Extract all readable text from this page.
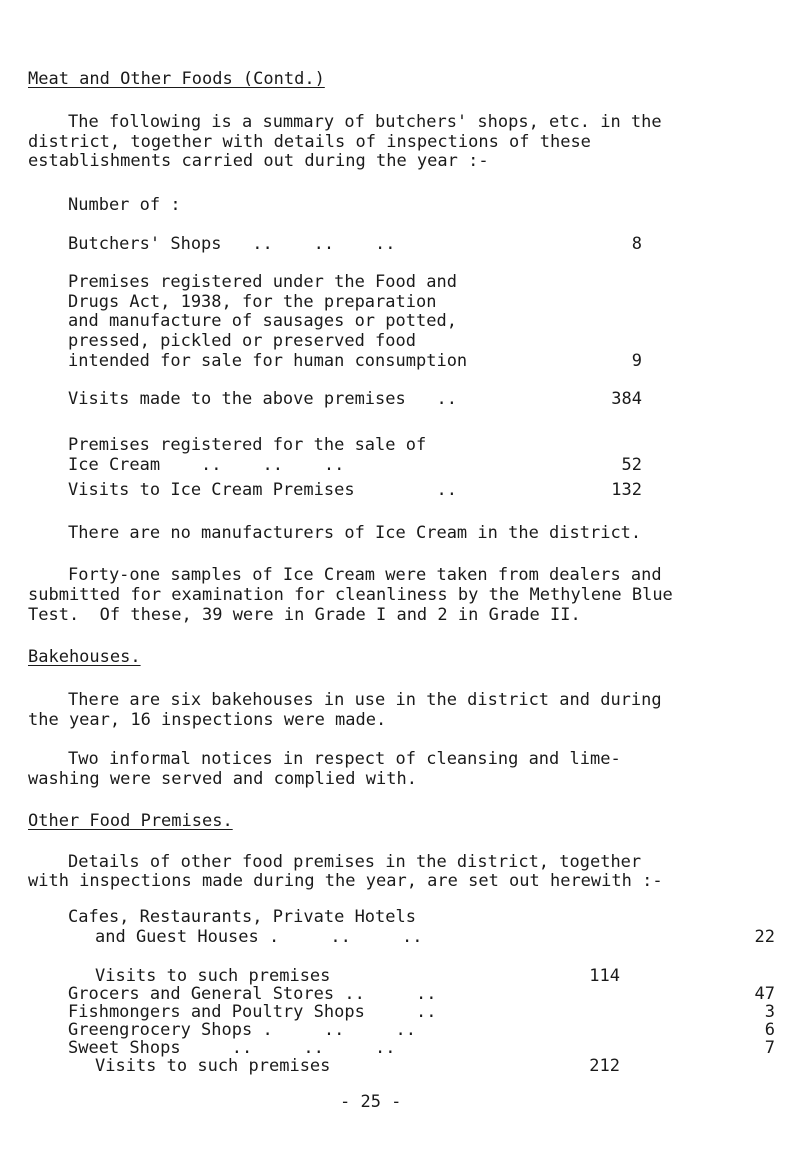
Meat and Other Foods (Contd.)
The following is a summary of butchers' shops, etc. in the
district, together with details of inspections of these
establishments carried out during the year :-
Number of :
Butchers' Shops   ..    ..    ..	8
Premises registered under the Food and
Drugs Act, 1938, for the preparation
and manufacture of sausages or potted,
pressed, pickled or preserved food
intended for sale for human consumption	9
Visits made to the above premises   ..	384
Premises registered for the sale of
Ice Cream    ..    ..    ..	52
Visits to Ice Cream Premises        ..	132
There are no manufacturers of Ice Cream in the district.
Forty-one samples of Ice Cream were taken from dealers and
submitted for examination for cleanliness by the Methylene Blue
Test.  Of these, 39 were in Grade I and 2 in Grade II.
Bakehouses.
There are six bakehouses in use in the district and during
the year, 16 inspections were made.
Two informal notices in respect of cleansing and lime-
washing were served and complied with.
Other Food Premises.
Details of other food premises in the district, together
with inspections made during the year, are set out herewith :-
Cafes, Restaurants, Private Hotels
and Guest Houses .     ..     ..	22
- 25 -
Visits to such premises	114
Grocers and General Stores ..     ..	47
Fishmongers and Poultry Shops     ..	3
Greengrocery Shops .     ..     ..	6
Sweet Shops     ..     ..     ..	7
Visits to such premises	212
